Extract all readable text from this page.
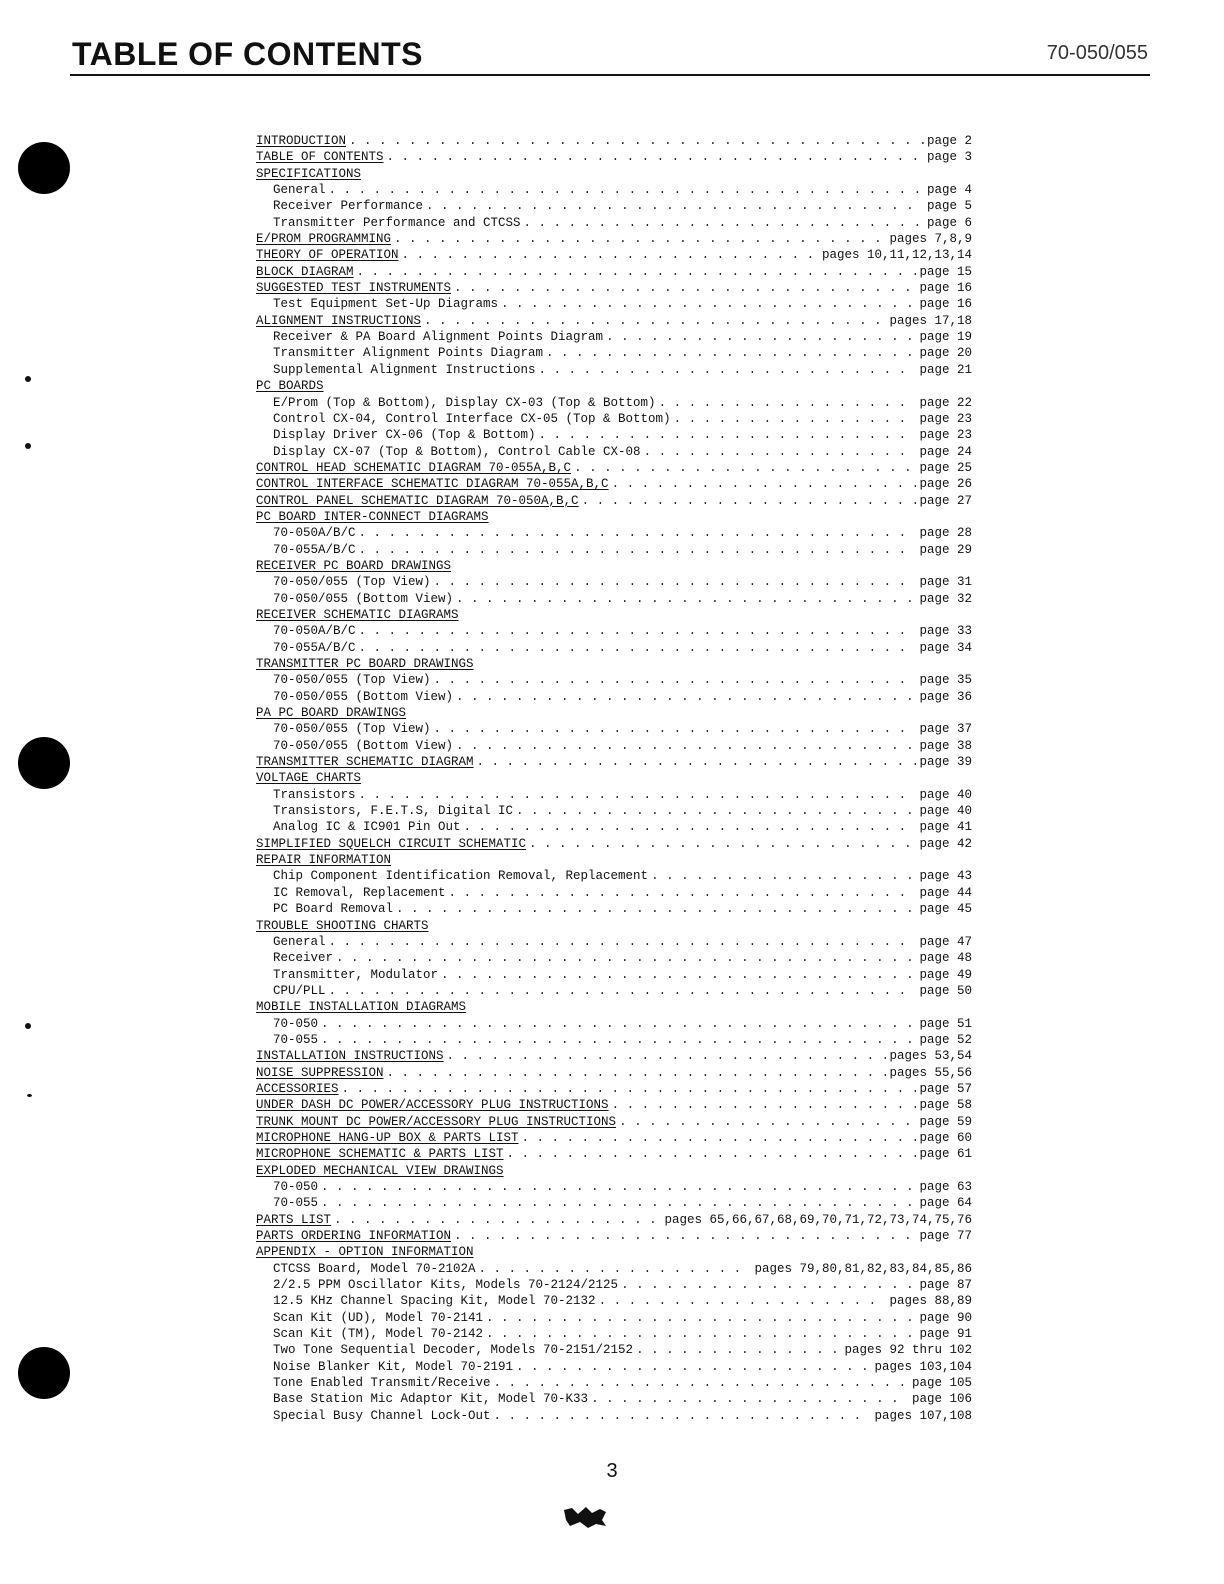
TABLE OF CONTENTS	70-050/055
INTRODUCTION . . .	page 2
TABLE OF CONTENTS . . .	page 3
SPECIFICATIONS
General . . .	page 4
Receiver Performance . . .	page 5
Transmitter Performance and CTCSS . . .	page 6
E/PROM PROGRAMMING . . .	pages 7,8,9
THEORY OF OPERATION . . .	pages 10,11,12,13,14
BLOCK DIAGRAM . . .	page 15
SUGGESTED TEST INSTRUMENTS . . .	page 16
Test Equipment Set-Up Diagrams . . .	page 16
ALIGNMENT INSTRUCTIONS . . .	pages 17,18
Receiver & PA Board Alignment Points Diagram . . .	page 19
Transmitter Alignment Points Diagram . . .	page 20
Supplemental Alignment Instructions . . .	page 21
PC BOARDS
E/Prom (Top & Bottom), Display CX-03 (Top & Bottom) . . .	page 22
Control CX-04, Control Interface CX-05 (Top & Bottom) . . .	page 23
Display Driver CX-06 (Top & Bottom) . . .	page 23
Display CX-07 (Top & Bottom), Control Cable CX-08 . . .	page 24
CONTROL HEAD SCHEMATIC DIAGRAM 70-055A,B,C . . .	page 25
CONTROL INTERFACE SCHEMATIC DIAGRAM 70-055A,B,C . . .	page 26
CONTROL PANEL SCHEMATIC DIAGRAM 70-050A,B,C . . .	page 27
PC BOARD INTER-CONNECT DIAGRAMS
70-050A/B/C . . .	page 28
70-055A/B/C . . .	page 29
RECEIVER PC BOARD DRAWINGS
70-050/055 (Top View) . . .	page 31
70-050/055 (Bottom View) . . .	page 32
RECEIVER SCHEMATIC DIAGRAMS
70-050A/B/C . . .	page 33
70-055A/B/C . . .	page 34
TRANSMITTER PC BOARD DRAWINGS
70-050/055 (Top View) . . .	page 35
70-050/055 (Bottom View) . . .	page 36
PA PC BOARD DRAWINGS
70-050/055 (Top View) . . .	page 37
70-050/055 (Bottom View) . . .	page 38
TRANSMITTER SCHEMATIC DIAGRAM . . .	page 39
VOLTAGE CHARTS
Transistors . . .	page 40
Transistors, F.E.T.S, Digital IC . . .	page 40
Analog IC & IC901 Pin Out . . .	page 41
SIMPLIFIED SQUELCH CIRCUIT SCHEMATIC . . .	page 42
REPAIR INFORMATION
Chip Component Identification Removal, Replacement . . .	page 43
IC Removal, Replacement . . .	page 44
PC Board Removal . . .	page 45
TROUBLE SHOOTING CHARTS
General . . .	page 47
Receiver . . .	page 48
Transmitter, Modulator . . .	page 49
CPU/PLL . . .	page 50
MOBILE INSTALLATION DIAGRAMS
70-050 . . .	page 51
70-055 . . .	page 52
INSTALLATION INSTRUCTIONS . . .	pages 53,54
NOISE SUPPRESSION . . .	pages 55,56
ACCESSORIES . . .	page 57
UNDER DASH DC POWER/ACCESSORY PLUG INSTRUCTIONS . . .	page 58
TRUNK MOUNT DC POWER/ACCESSORY PLUG INSTRUCTIONS . . .	page 59
MICROPHONE HANG-UP BOX & PARTS LIST . . .	page 60
MICROPHONE SCHEMATIC & PARTS LIST . . .	page 61
EXPLODED MECHANICAL VIEW DRAWINGS
70-050 . . .	page 63
70-055 . . .	page 64
PARTS LIST . . .	pages 65,66,67,68,69,70,71,72,73,74,75,76
PARTS ORDERING INFORMATION . . .	page 77
APPENDIX - OPTION INFORMATION
CTCSS Board, Model 70-2102A . . .	pages 79,80,81,82,83,84,85,86
2/2.5 PPM Oscillator Kits, Models 70-2124/2125 . . .	page 87
12.5 KHz Channel Spacing Kit, Model 70-2132 . . .	pages 88,89
Scan Kit (UD), Model 70-2141 . . .	page 90
Scan Kit (TM), Model 70-2142 . . .	page 91
Two Tone Sequential Decoder, Models 70-2151/2152 . . .	pages 92 thru 102
Noise Blanker Kit, Model 70-2191 . . .	pages 103,104
Tone Enabled Transmit/Receive . . .	page 105
Base Station Mic Adaptor Kit, Model 70-K33 . . .	page 106
Special Busy Channel Lock-Out . . .	pages 107,108
3
